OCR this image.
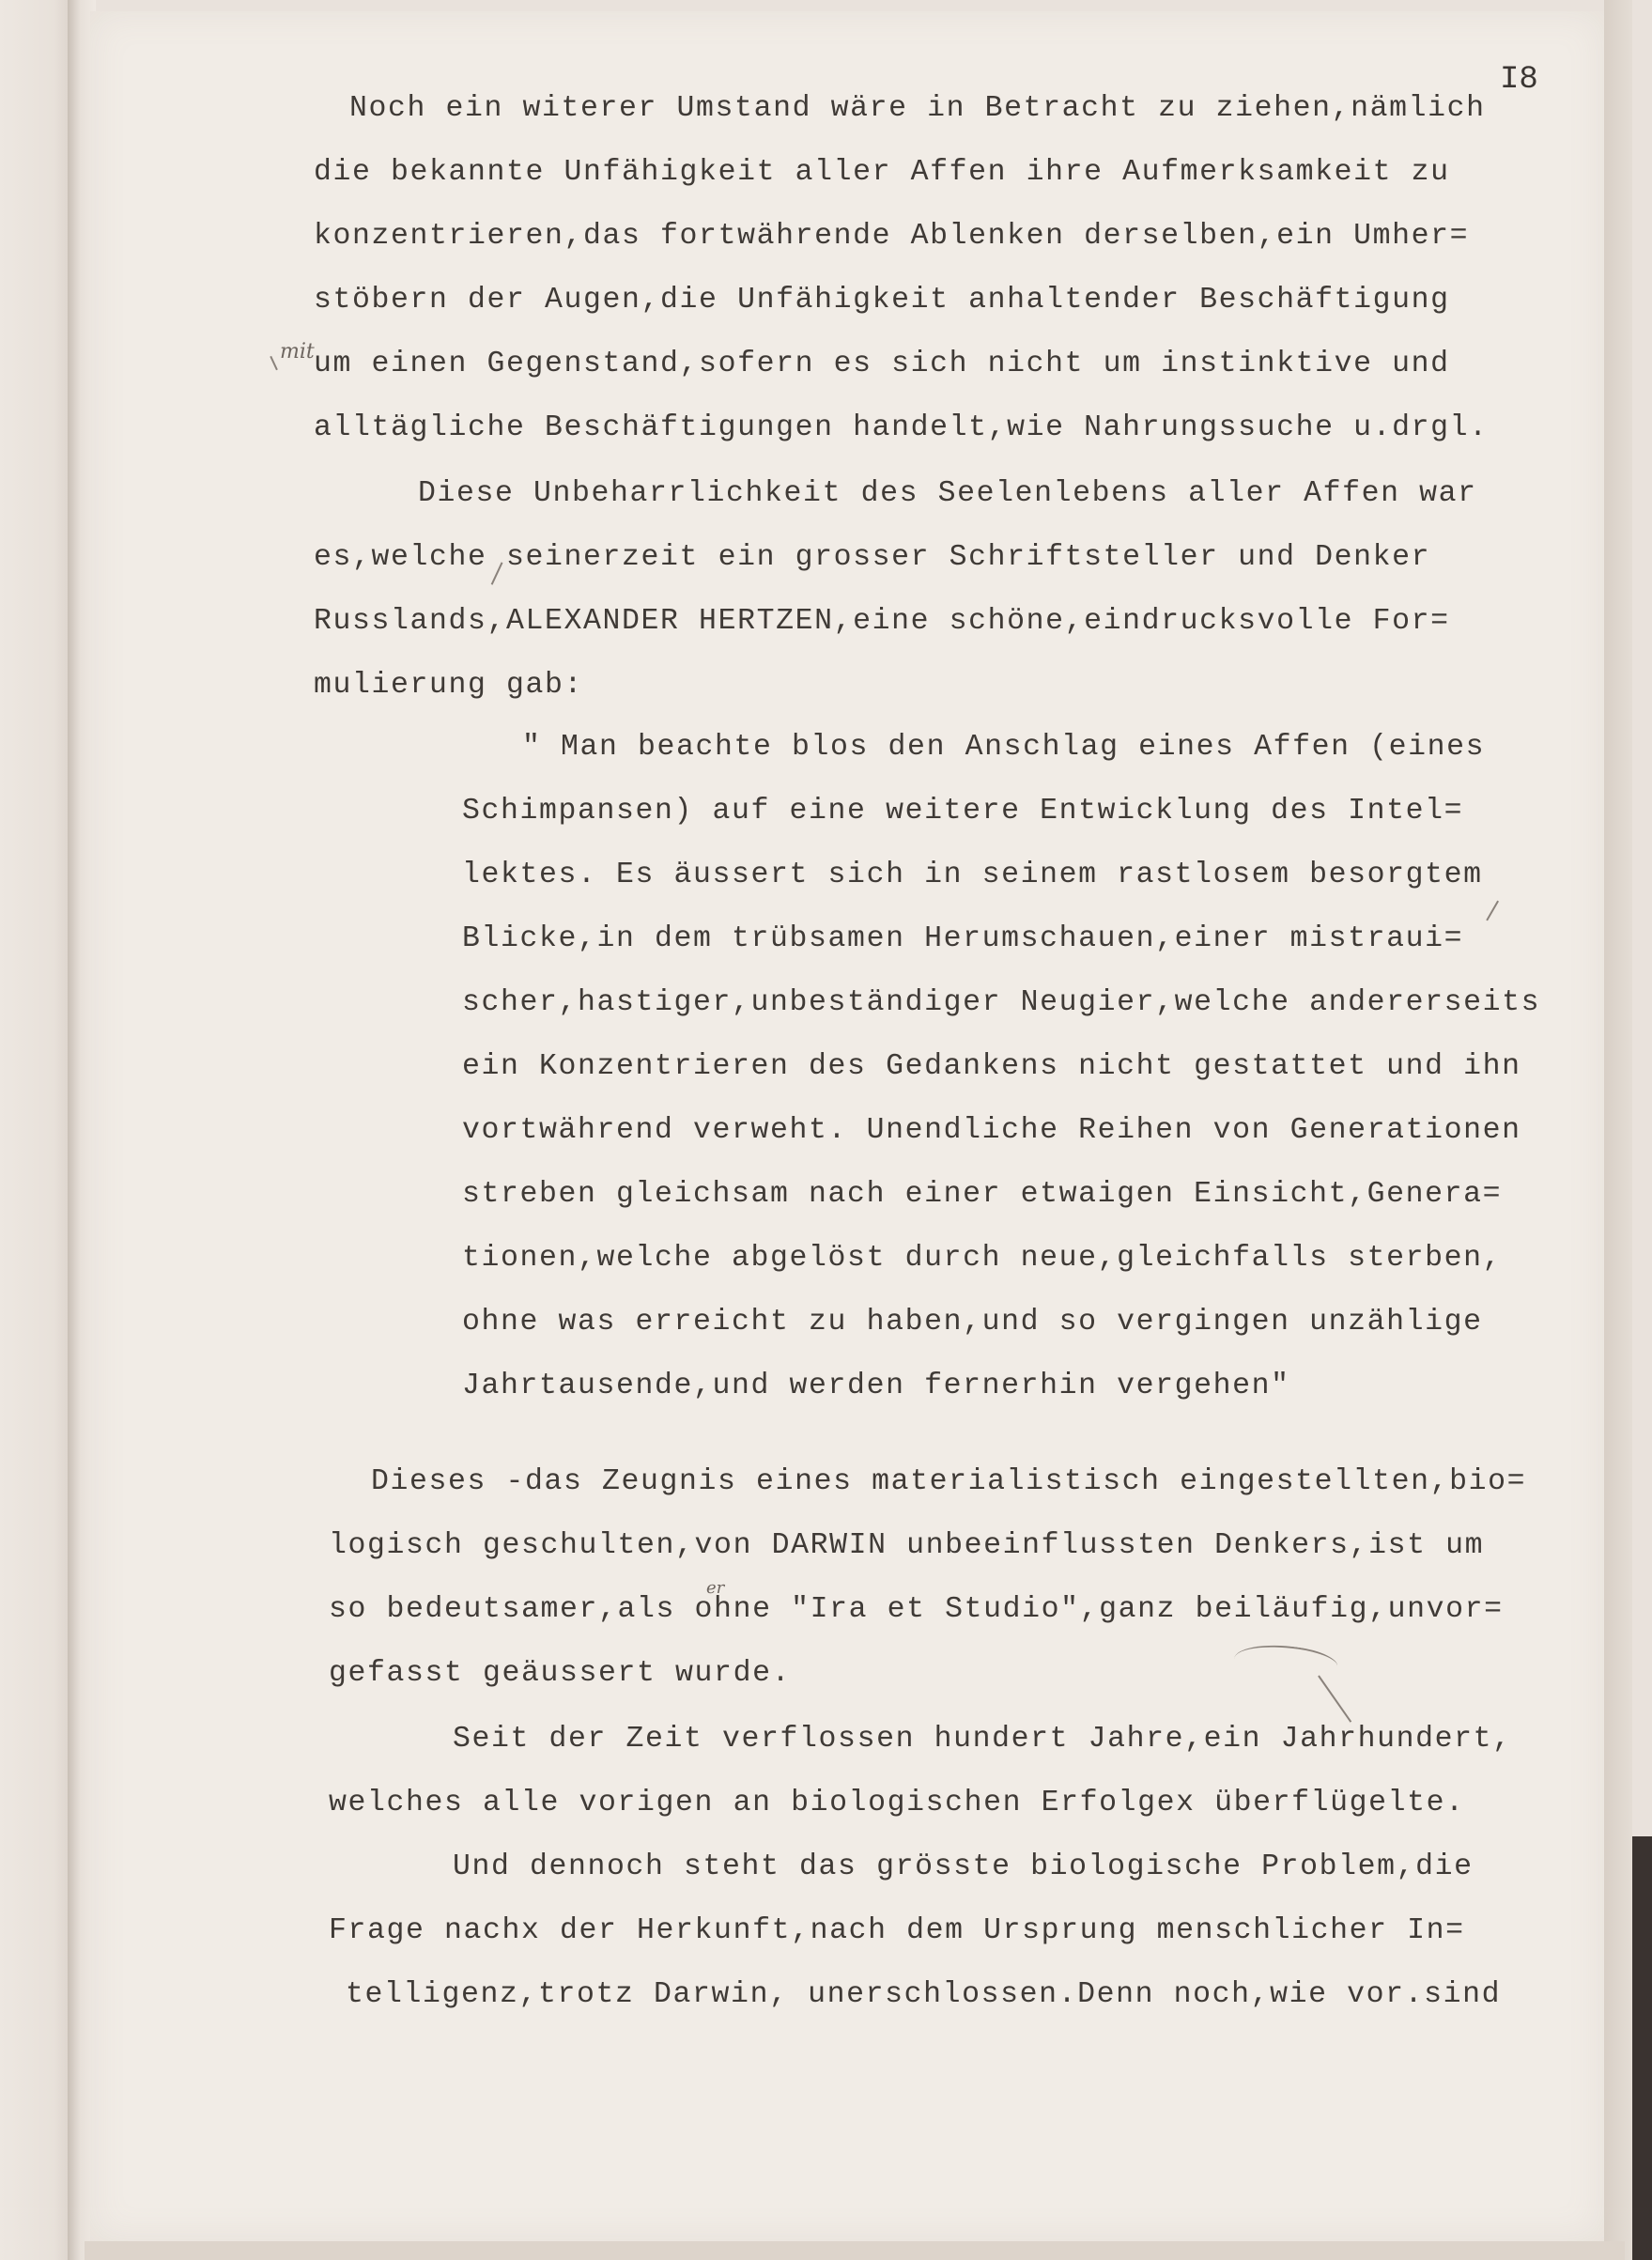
I8

Noch ein witerer Umstand wäre in Betracht zu ziehen,nämlich

die bekannte Unfähigkeit aller Affen ihre Aufmerksamkeit zu

konzentrieren,das fortwährende Ablenken derselben,ein Umher=

stöbern der Augen,die Unfähigkeit anhaltender Beschäftigung

um einen Gegenstand,sofern es sich nicht um instinktive und

alltägliche Beschäftigungen handelt,wie Nahrungssuche u.drgl.

Diese Unbeharrlichkeit des Seelenlebens aller Affen war

es,welche seinerzeit ein grosser Schriftsteller und Denker

Russlands,ALEXANDER HERTZEN,eine schöne,eindrucksvolle For=

mulierung gab:

" Man beachte blos den Anschlag eines Affen (eines

Schimpansen) auf eine weitere Entwicklung des Intel=

lektes. Es äussert sich in seinem rastlosem besorgtem

Blicke,in dem trübsamen Herumschauen,einer mistraui=

scher,hastiger,unbeständiger Neugier,welche andererseits

ein Konzentrieren des Gedankens nicht gestattet und ihn

vortwährend verweht. Unendliche Reihen von Generationen

streben gleichsam nach einer etwaigen Einsicht,Genera=

tionen,welche abgelöst durch neue,gleichfalls sterben,

ohne was erreicht zu haben,und so vergingen unzählige

Jahrtausende,und werden fernerhin vergehen"

Dieses -das Zeugnis eines materialistisch eingestellten,bio=

logisch geschulten,von DARWIN unbeeinflussten Denkers,ist um

so bedeutsamer,als ohne "Ira et Studio",ganz beiläufig,unvor=

gefasst geäussert wurde.

Seit der Zeit verflossen hundert Jahre,ein Jahrhundert,

welches alle vorigen an biologischen Erfolgex überflügelte.

Und dennoch steht das grösste biologische Problem,die

Frage nachx der Herkunft,nach dem Ursprung menschlicher In=

telligenz,trotz Darwin, unerschlossen.Denn noch,wie vor.sind

mit

er
